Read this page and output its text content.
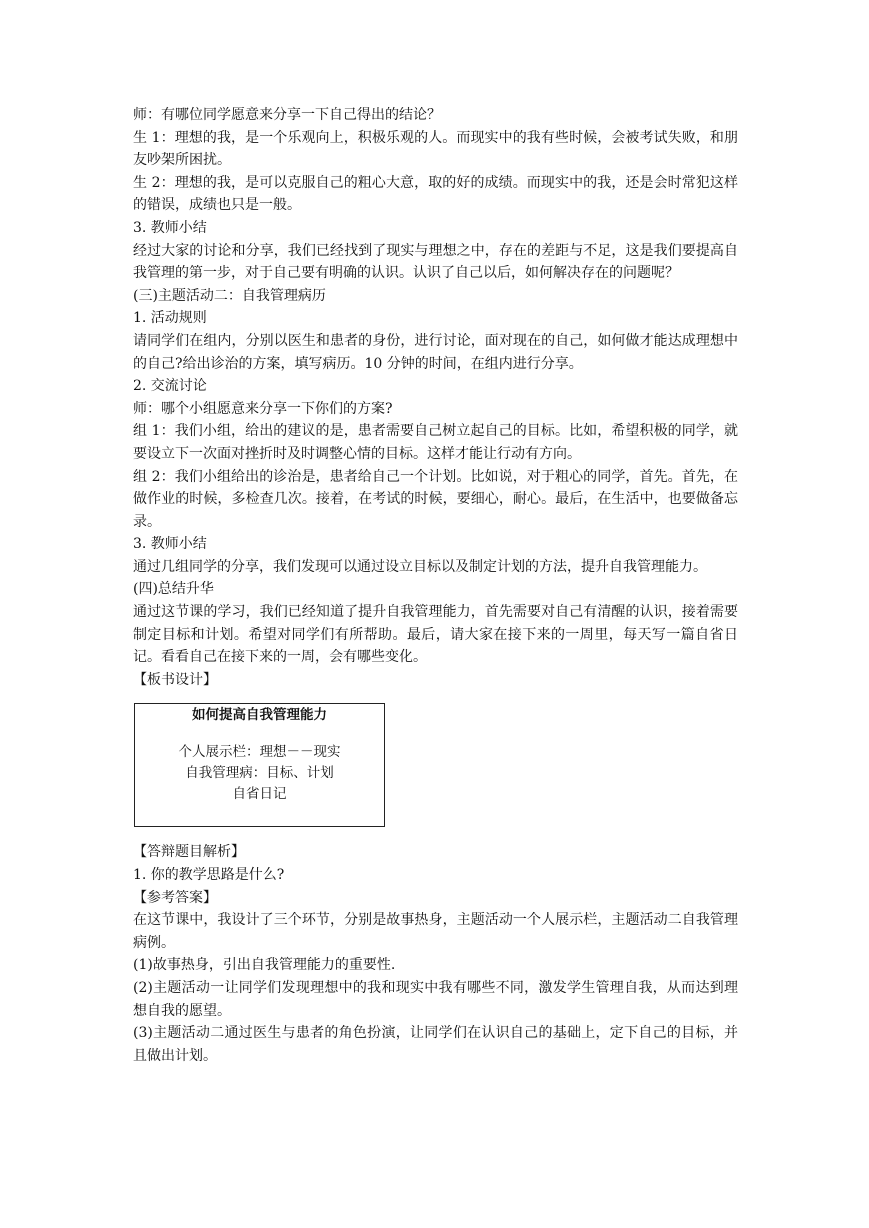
师：有哪位同学愿意来分享一下自己得出的结论？

生 1：理想的我，是一个乐观向上，积极乐观的人。而现实中的我有些时候，会被考试失败，和朋友吵架所困扰。

生 2：理想的我，是可以克服自己的粗心大意，取的好的成绩。而现实中的我，还是会时常犯这样的错误，成绩也只是一般。

3. 教师小结

经过大家的讨论和分享，我们已经找到了现实与理想之中，存在的差距与不足，这是我们要提高自我管理的第一步，对于自己要有明确的认识。认识了自己以后，如何解决存在的问题呢？

(三)主题活动二：自我管理病历

1. 活动规则

请同学们在组内，分别以医生和患者的身份，进行讨论，面对现在的自己，如何做才能达成理想中的自己?给出诊治的方案，填写病历。10 分钟的时间，在组内进行分享。

2. 交流讨论

师：哪个小组愿意来分享一下你们的方案?

组 1：我们小组，给出的建议的是，患者需要自己树立起自己的目标。比如，希望积极的同学，就要设立下一次面对挫折时及时调整心情的目标。这样才能让行动有方向。

组 2：我们小组给出的诊治是，患者给自己一个计划。比如说，对于粗心的同学，首先。首先，在做作业的时候，多检查几次。接着，在考试的时候，要细心，耐心。最后，在生活中，也要做备忘录。

3. 教师小结

通过几组同学的分享，我们发现可以通过设立目标以及制定计划的方法，提升自我管理能力。

(四)总结升华

通过这节课的学习，我们已经知道了提升自我管理能力，首先需要对自己有清醒的认识，接着需要制定目标和计划。希望对同学们有所帮助。最后，请大家在接下来的一周里，每天写一篇自省日记。看看自己在接下来的一周，会有哪些变化。

【板书设计】

如何提高自我管理能力
个人展示栏：理想－－现实
自我管理病：目标、计划
自省日记

【答辩题目解析】

1. 你的教学思路是什么?

【参考答案】

在这节课中，我设计了三个环节，分别是故事热身，主题活动一个人展示栏，主题活动二自我管理病例。

(1)故事热身，引出自我管理能力的重要性.

(2)主题活动一让同学们发现理想中的我和现实中我有哪些不同，激发学生管理自我，从而达到理想自我的愿望。

(3)主题活动二通过医生与患者的角色扮演，让同学们在认识自己的基础上，定下自己的目标，并且做出计划。
